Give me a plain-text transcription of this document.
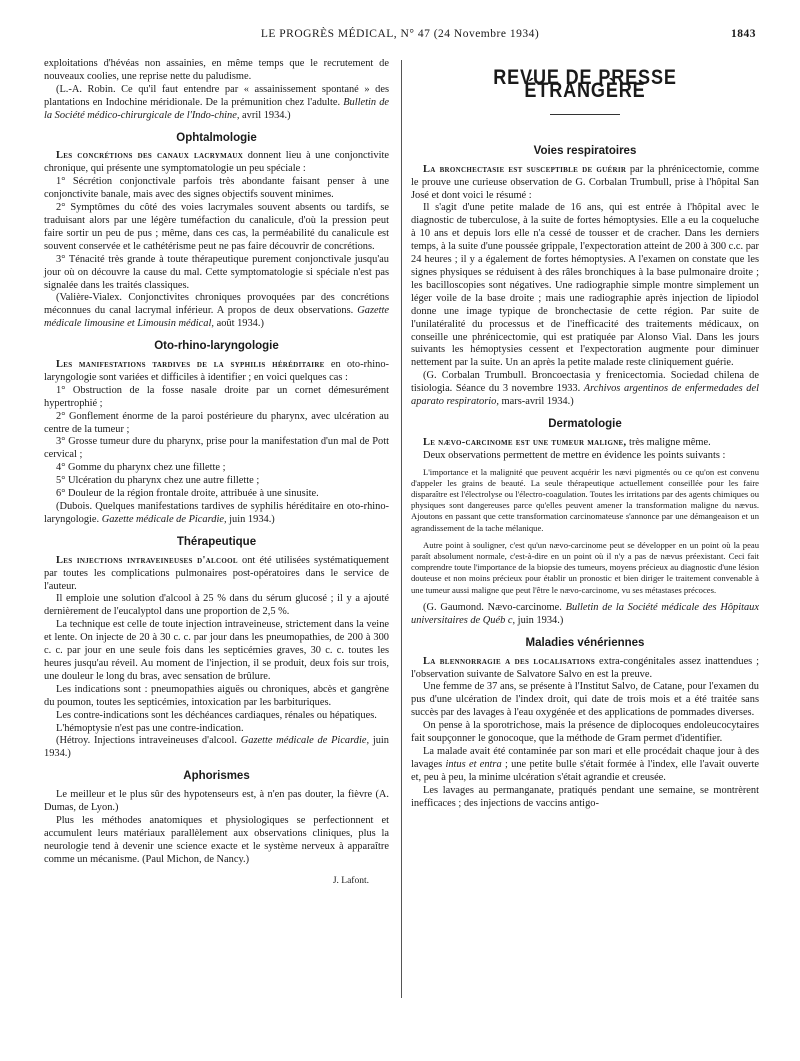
LE PROGRÈS MÉDICAL, N° 47 (24 Novembre 1934)	1843

exploitations d'hévéas non assainies, en même temps que le recrutement de nouveaux coolies, une reprise nette du paludisme.

(L.-A. Robin. Ce qu'il faut entendre par « assainissement spontané » des plantations en Indochine méridionale. De la prémunition chez l'adulte. Bulletin de la Société médico-chirurgicale de l'Indo-chine, avril 1934.)

Ophtalmologie

Les concrétions des canaux lacrymaux donnent lieu à une conjonctivite chronique, qui présente une symptomatologie un peu spéciale :

1° Sécrétion conjonctivale parfois très abondante faisant penser à une conjonctivite banale, mais avec des signes objectifs souvent minimes.

2° Symptômes du côté des voies lacrymales souvent absents ou tardifs, se traduisant alors par une légère tuméfaction du canalicule, d'où la pression peut faire sortir un peu de pus ; même, dans ces cas, la perméabilité du canalicule est souvent conservée et le cathétérisme peut ne pas faire découvrir de concrétions.

3° Ténacité très grande à toute thérapeutique purement conjonctivale jusqu'au jour où on découvre la cause du mal. Cette symptomatologie si spéciale n'est pas signalée dans les traités classiques.

(Valière-Vialex. Conjonctivites chroniques provoquées par des concrétions méconnues du canal lacrymal inférieur. A propos de deux observations. Gazette médicale limousine et Limousin médical, août 1934.)

Oto-rhino-laryngologie

Les manifestations tardives de la syphilis héréditaire en oto-rhino-laryngologie sont variées et difficiles à identifier ; en voici quelques cas :

1° Obstruction de la fosse nasale droite par un cornet démesurément hypertrophié ;

2° Gonflement énorme de la paroi postérieure du pharynx, avec ulcération au centre de la tumeur ;

3° Grosse tumeur dure du pharynx, prise pour la manifestation d'un mal de Pott cervical ;

4° Gomme du pharynx chez une fillette ;

5° Ulcération du pharynx chez une autre fillette ;

6° Douleur de la région frontale droite, attribuée à une sinusite.

(Dubois. Quelques manifestations tardives de syphilis héréditaire en oto-rhino-laryngologie. Gazette médicale de Picardie, juin 1934.)

Thérapeutique

Les injections intraveineuses d'alcool ont été utilisées systématiquement par toutes les complications pulmonaires post-opératoires dans le service de l'auteur.

Il emploie une solution d'alcool à 25 % dans du sérum glucosé ; il y a ajouté dernièrement de l'eucalyptol dans une proportion de 2,5 %.

La technique est celle de toute injection intraveineuse, strictement dans la veine et lente. On injecte de 20 à 30 c. c. par jour dans les pneumopathies, de 200 à 300 c. c. par jour en une seule fois dans les septicémies graves, 30 c. c. toutes les heures jusqu'au réveil. Au moment de l'injection, il se produit, deux fois sur trois, une douleur le long du bras, avec sensation de brûlure.

Les indications sont : pneumopathies aiguës ou chroniques, abcès et gangrène du poumon, toutes les septicémies, intoxication par les barbituriques.

Les contre-indications sont les déchéances cardiaques, rénales ou hépatiques.

L'hémoptysie n'est pas une contre-indication.

(Hétroy. Injections intraveineuses d'alcool. Gazette médicale de Picardie, juin 1934.)

Aphorismes

Le meilleur et le plus sûr des hypotenseurs est, à n'en pas douter, la fièvre (A. Dumas, de Lyon.)

Plus les méthodes anatomiques et physiologiques se perfectionnent et accumulent leurs matériaux parallèlement aux observations cliniques, plus la neurologie tend à devenir une science exacte et le système nerveux à apparaître comme un mécanisme. (Paul Michon, de Nancy.)

J. Lafont.

REVUE DE PRESSE ÉTRANGÈRE
Voies respiratoires

La bronchectasie est susceptible de guérir par la phrénicectomie, comme le prouve une curieuse observation de G. Corbalan Trumbull, prise à l'hôpital San José et dont voici le résumé :

Il s'agit d'une petite malade de 16 ans, qui est entrée à l'hôpital avec le diagnostic de tuberculose, à la suite de fortes hémoptysies. Elle a eu la coqueluche à 10 ans et depuis lors elle n'a cessé de tousser et de cracher. Dans les derniers temps, à la suite d'une poussée grippale, l'expectoration atteint de 200 à 300 c.c. par 24 heures ; il y a également de fortes hémoptysies. A l'examen on constate que les signes physiques se réduisent à des râles bronchiques à la base pulmonaire droite ; les bacilloscopies sont négatives. Une radiographie simple montre simplement un léger voile de la base droite ; mais une radiographie après injection de lipiodol donne une image typique de bronchectasie de cette région. Par suite de l'unilatéralité du processus et de l'inefficacité des traitements médicaux, on conseille une phrénicectomie, qui est pratiquée par Alonso Vial. Dans les jours suivants les hémoptysies cessent et l'expectoration augmente pour diminuer nettement par la suite. Un an après la petite malade reste cliniquement guérie.

(G. Corbalan Trumbull. Broncoectasia y frenicectomia. Sociedad chilena de tisiologia. Séance du 3 novembre 1933. Archivos argentinos de enfermedades del aparato respiratorio, mars-avril 1934.)

Dermatologie

Le nævo-carcinome est une tumeur maligne, très maligne même.

Deux observations permettent de mettre en évidence les points suivants :

L'importance et la malignité que peuvent acquérir les nævi pigmentés ou ce qu'on est convenu d'appeler les grains de beauté. La seule thérapeutique actuellement conseillée pour les faire disparaître est l'électrolyse ou l'électro-coagulation. Toutes les irritations par des agents chimiques ou physiques sont dangereuses parce qu'elles peuvent amener la transformation maligne du nævus. Ajoutons en passant que cette transformation carcinomateuse s'annonce par une démangeaison et un agrandissement de la tache mélanique.

Autre point à souligner, c'est qu'un nævo-carcinome peut se développer en un point où la peau paraît absolument normale, c'est-à-dire en un point où il n'y a pas de nævus préexistant. Ceci fait comprendre toute l'importance de la biopsie des tumeurs, moyens précieux au diagnostic d'une lésion douteuse et non moins précieux pour établir un pronostic et bien diriger le traitement convenable à une tumeur aussi maligne que peut l'être le nævo-carcinome, vu ses métastases précoces.

(G. Gaumond. Nævo-carcinome. Bulletin de la Société médicale des Hôpitaux universitaires de Québ c, juin 1934.)

Maladies vénériennes

La blennorragie a des localisations extra-congénitales assez inattendues ; l'observation suivante de Salvatore Salvo en est la preuve.

Une femme de 37 ans, se présente à l'Institut Salvo, de Catane, pour l'examen du pus d'une ulcération de l'index droit, qui date de trois mois et a été traitée sans succès par des lavages à l'eau oxygénée et des applications de pommades diverses.

On pense à la sporotrichose, mais la présence de diplocoques endoleucocytaires fait soupçonner le gonocoque, que la méthode de Gram permet d'identifier.

La malade avait été contaminée par son mari et elle procédait chaque jour à des lavages intus et entra ; une petite bulle s'était formée à l'index, elle l'avait ouverte et, peu à peu, la minime ulcération s'était agrandie et creusée.

Les lavages au permanganate, pratiqués pendant une semaine, se montrèrent inefficaces ; des injections de vaccins antigo-
